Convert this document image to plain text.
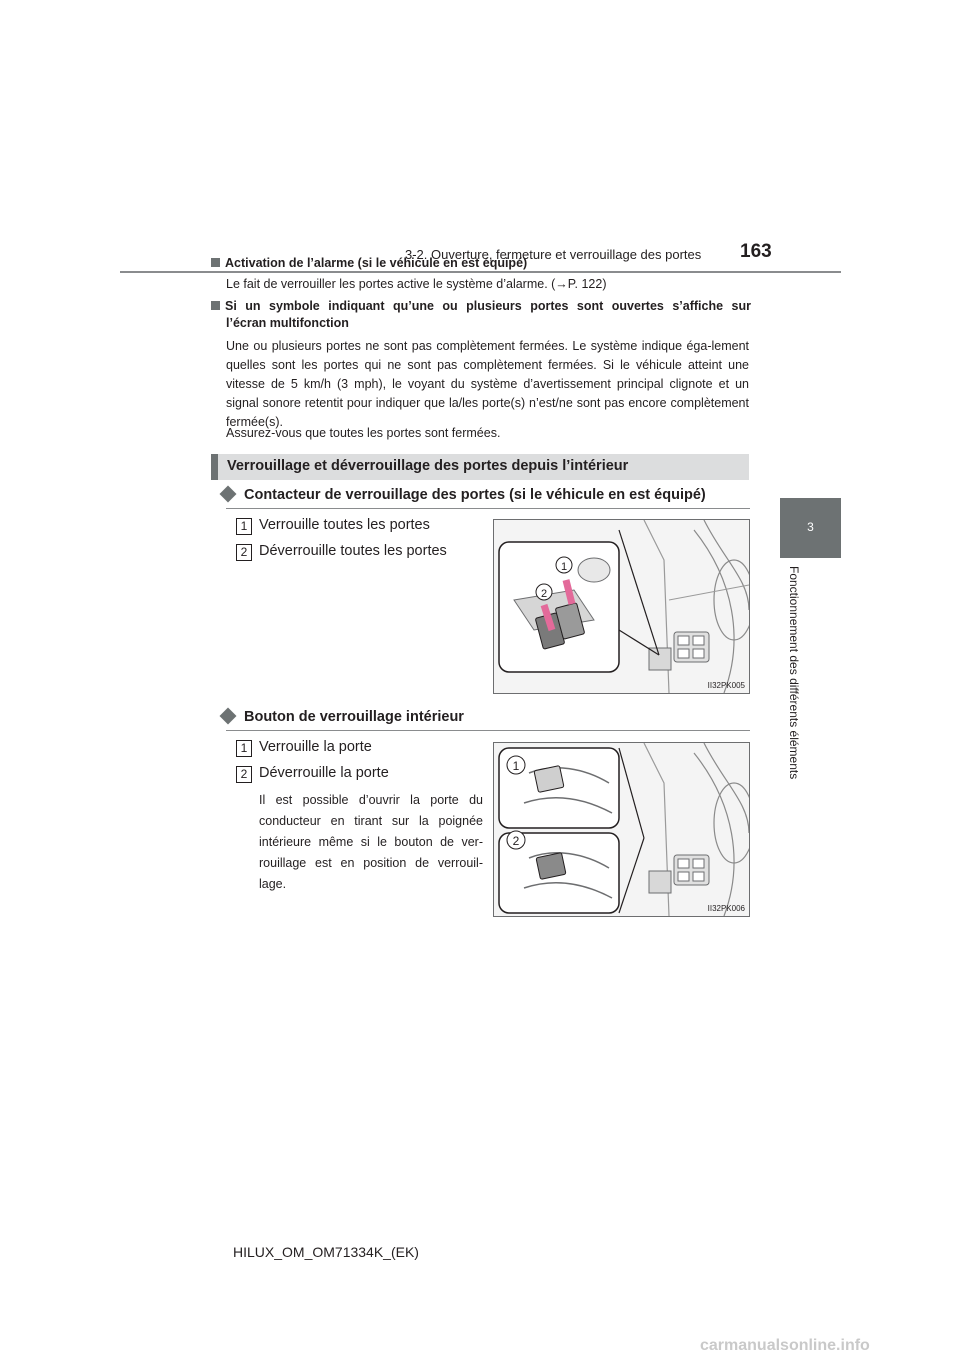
3-2. Ouverture, fermeture et verrouillage des portes 163
3
Fonctionnement des différents éléments
Activation de l’alarme (si le véhicule en est équipé)
Le fait de verrouiller les portes active le système d’alarme. (→P. 122)
Si un symbole indiquant qu’une ou plusieurs portes sont ouvertes s’affiche sur
l’écran multifonction
Une ou plusieurs portes ne sont pas complètement fermées. Le système indique éga-lement quelles sont les portes qui ne sont pas complètement fermées. Si le véhicule atteint une vitesse de 5 km/h (3 mph), le voyant du système d’avertissement principal clignote et un signal sonore retentit pour indiquer que la/les porte(s) n’est/ne sont pas encore complètement fermée(s).
Assurez-vous que toutes les portes sont fermées.
Verrouillage et déverrouillage des portes depuis l’intérieur
Contacteur de verrouillage des portes (si le véhicule en est équipé)
1 Verrouille toutes les portes
2 Déverrouille toutes les portes
1
2
II32PK005
Bouton de verrouillage intérieur
1 Verrouille la porte
2 Déverrouille la porte
Il est possible d’ouvrir la porte du conducteur en tirant sur la poignée intérieure même si le bouton de ver-rouillage est en position de verrouil-lage.
1
2
II32PK006
HILUX_OM_OM71334K_(EK)
carmanualsonline.info
